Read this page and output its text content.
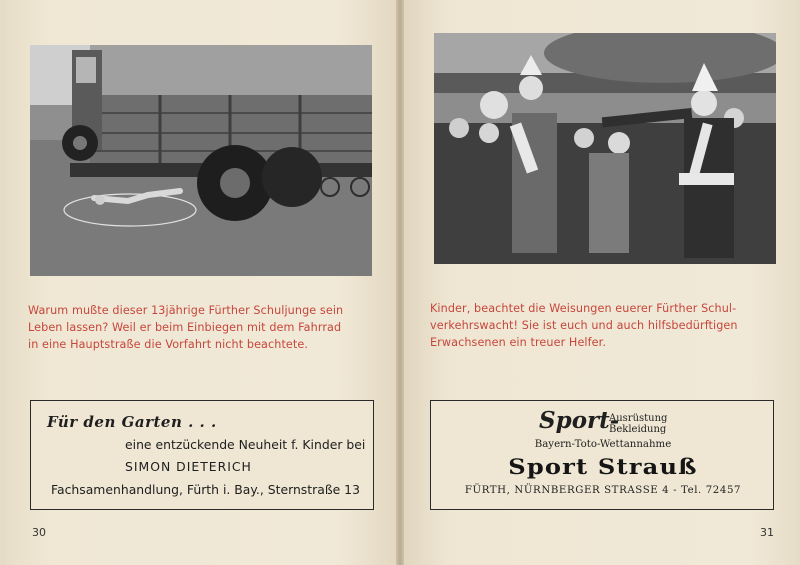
Warum mußte dieser 13jährige Fürther Schuljunge sein
Leben lassen? Weil er beim Einbiegen mit dem Fahrrad
in eine Hauptstraße die Vorfahrt nicht beachtete.
Für den Garten . . .
eine entzückende Neuheit f. Kinder bei
SIMON DIETERICH
Fachsamenhandlung, Fürth i. Bay., Sternstraße 13
30
Kinder, beachtet die Weisungen euerer Fürther Schul-
verkehrswacht! Sie ist euch und auch hilfsbedürftigen
Erwachsenen ein treuer Helfer.
Sport-
Ausrüstung
Bekleidung
Bayern-Toto-Wettannahme
Sport Strauß
FÜRTH, NÜRNBERGER STRASSE 4 - Tel. 72457
31
